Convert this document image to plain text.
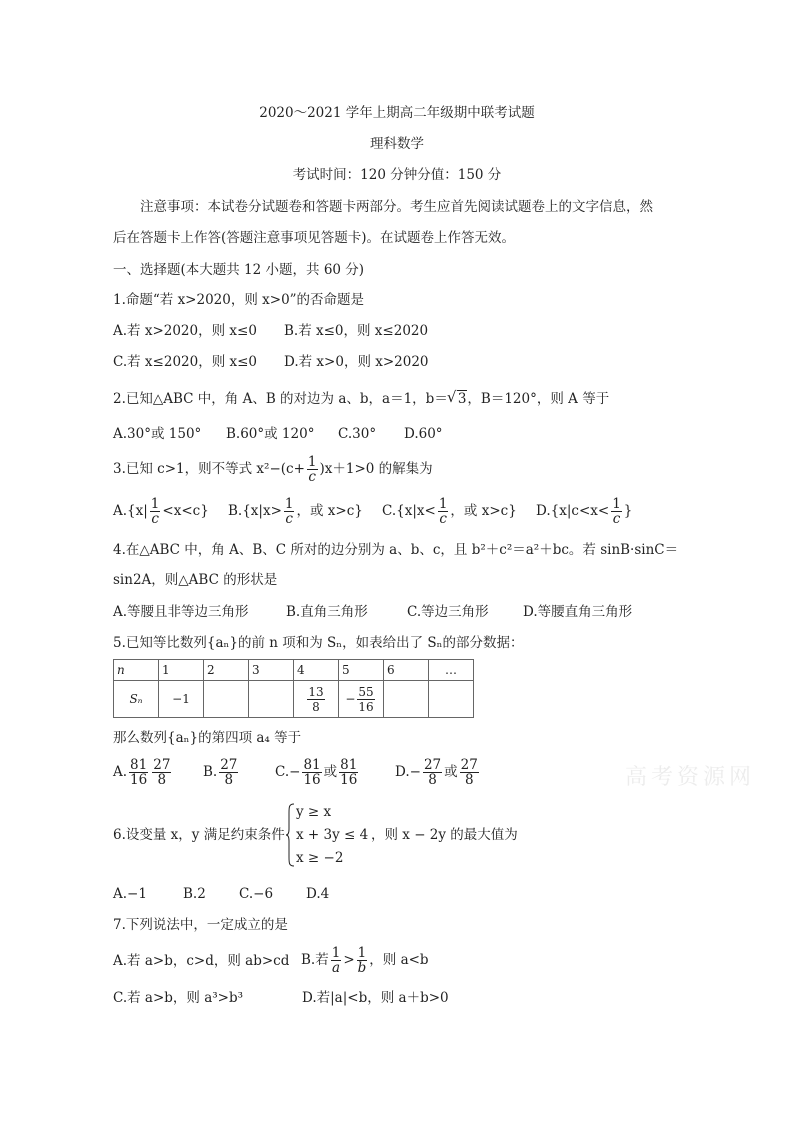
2020～2021 学年上期高二年级期中联考试题
理科数学
考试时间：120 分钟分值：150 分
注意事项：本试卷分试题卷和答题卡两部分。考生应首先阅读试题卷上的文字信息，然
后在答题卡上作答(答题注意事项见答题卡)。在试题卷上作答无效。
一、选择题(本大题共 12 小题，共 60 分)
1.命题“若 x>2020，则 x>0”的否命题是
A.若 x>2020，则 x≤0 B.若 x≤0，则 x≤2020
C.若 x≤2020，则 x≤0 D.若 x>0，则 x>2020
2.已知△ABC 中，角 A、B 的对边为 a、b，a＝1，b＝ √ 3，B＝120°，则 A 等于
A.30°或 150° B.60°或 120° C.30° D.60°
3.已知 c>1，则不等式 $x^2-(c+ \frac{1}{c} )x+1>0$ 的解集为
$A.\{x| \frac{1}{c} <x<c\}$ $B.\{x|x> \frac{1}{c}$ ，或 x>c} $C.\{x|x< \frac{1}{c}$ ，或 x>c} $D.\{x|c<x< \frac{1}{c}$ }
4.在△ABC 中，角 A、B、C 所对的边分别为 a、b、c，且 b²＋c²＝a²＋bc。若 sinB·sinC＝
sin2A，则△ABC 的形状是
A.等腰且非等边三角形	B.直角三角形	C.等边三角形	D.等腰直角三角形
5.已知等比数列{aₙ}的前 n 项和为 Sₙ，如表给出了 Sₙ的部分数据：
n	1	2	3	4	5	6	…
Sₙ	−1			$\frac{13}{8}$	− $\frac{55}{16}$

那么数列{aₙ}的第四项 a₄ 等于
A. $\frac{81}{16} \frac{27}{8} B$. $\frac{27}{8}$	$C.- \frac{81}{16}$ 或 $\frac{81}{16}$	$D.- \frac{27}{8}$ 或 $\frac{27}{8}$	高考资源网
6.设变量 x，y 满足约束条件
y ≥ x
x + 3y ≤ 4
x ≥ −2
，则 x − 2y 的最大值为
A.−1	B.2 C.−6 D.4
7.下列说法中，一定成立的是
A.若 a>b，c>d，则 ab>cd B.若 $\frac{1}{a} > \frac{1}{b}$ ，则 a<b
C.若 a>b，则 a³>b³	D.若|a|<b，则 a＋b>0
